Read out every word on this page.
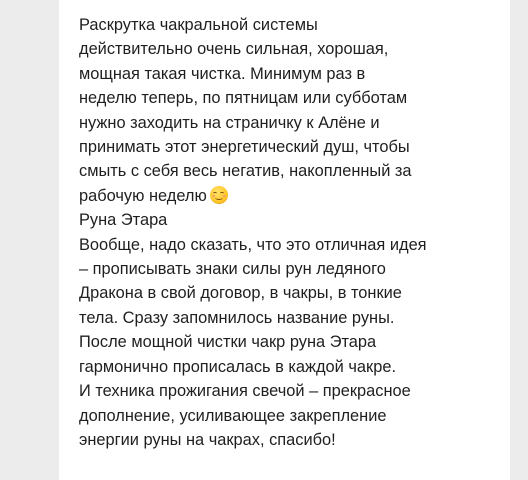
Раскрутка чакральной системы
действительно очень сильная, хорошая,
мощная такая чистка. Минимум раз в
неделю теперь, по пятницам или субботам
нужно заходить на страничку к Алёне и
принимать этот энергетический душ, чтобы
смыть с себя весь негатив, накопленный за
рабочую неделю
Руна Этара
Вообще, надо сказать, что это отличная идея
– прописывать знаки силы рун ледяного
Дракона в свой договор, в чакры, в тонкие
тела. Сразу запомнилось название руны.
После мощной чистки чакр руна Этара
гармонично прописалась в каждой чакре.
И техника прожигания свечой – прекрасное
дополнение, усиливающее закрепление
энергии руны на чакрах, спасибо!
